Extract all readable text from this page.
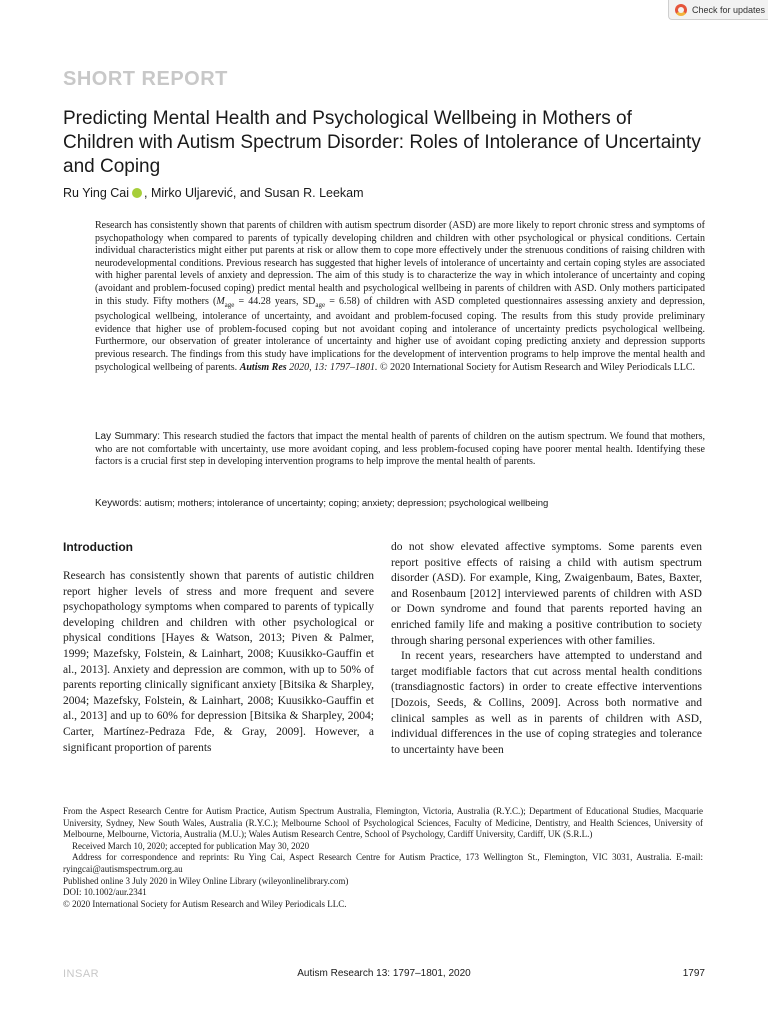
Check for updates
SHORT REPORT
Predicting Mental Health and Psychological Wellbeing in Mothers of Children with Autism Spectrum Disorder: Roles of Intolerance of Uncertainty and Coping
Ru Ying Cai , Mirko Uljarević, and Susan R. Leekam
Research has consistently shown that parents of children with autism spectrum disorder (ASD) are more likely to report chronic stress and symptoms of psychopathology when compared to parents of typically developing children and children with other psychological or physical conditions. Certain individual characteristics might either put parents at risk or allow them to cope more effectively under the strenuous conditions of raising children with neurodevelopmental conditions. Previous research has suggested that higher levels of intolerance of uncertainty and certain coping styles are associated with higher parental levels of anxiety and depression. The aim of this study is to characterize the way in which intolerance of uncertainty and coping (avoidant and problem-focused coping) predict mental health and psychological wellbeing in parents of children with ASD. Only mothers participated in this study. Fifty mothers ($M_{age} = 44.28$ years, $SD_{age} = 6.58$) of children with ASD completed questionnaires assessing anxiety and depression, psychological wellbeing, intolerance of uncertainty, and avoidant and problem-focused coping. The results from this study provide preliminary evidence that higher use of problem-focused coping but not avoidant coping and intolerance of uncertainty predicts psychological wellbeing. Furthermore, our observation of greater intolerance of uncertainty and higher use of avoidant coping predicting anxiety and depression supports previous research. The findings from this study have implications for the development of intervention programs to help improve the mental health and psychological wellbeing of parents. Autism Res 2020, 13: 1797–1801. © 2020 International Society for Autism Research and Wiley Periodicals LLC.
Lay Summary: This research studied the factors that impact the mental health of parents of children on the autism spectrum. We found that mothers, who are not comfortable with uncertainty, use more avoidant coping, and less problem-focused coping have poorer mental health. Identifying these factors is a crucial first step in developing intervention programs to help improve the mental health of parents.
Keywords: autism; mothers; intolerance of uncertainty; coping; anxiety; depression; psychological wellbeing
Introduction

Research has consistently shown that parents of autistic children report higher levels of stress and more frequent and severe psychopathology symptoms when compared to parents of typically developing children and children with other psychological or physical conditions [Hayes & Watson, 2013; Piven & Palmer, 1999; Mazefsky, Folstein, & Lainhart, 2008; Kuusikko-Gauffin et al., 2013]. Anxiety and depression are common, with up to 50% of parents reporting clinically significant anxiety [Bitsika & Sharpley, 2004; Mazefsky, Folstein, & Lainhart, 2008; Kuusikko-Gauffin et al., 2013] and up to 60% for depression [Bitsika & Sharpley, 2004; Carter, Martínez-Pedraza Fde, & Gray, 2009]. However, a significant proportion of parents

do not show elevated affective symptoms. Some parents even report positive effects of raising a child with autism spectrum disorder (ASD). For example, King, Zwaigenbaum, Bates, Baxter, and Rosenbaum [2012] interviewed parents of children with ASD or Down syndrome and found that parents reported having an enriched family life and making a positive contribution to society through sharing personal experiences with other families.

In recent years, researchers have attempted to understand and target modifiable factors that cut across mental health conditions (transdiagnostic factors) in order to create effective interventions [Dozois, Seeds, & Collins, 2009]. Across both normative and clinical samples as well as in parents of children with ASD, individual differences in the use of coping strategies and tolerance to uncertainty have been

From the Aspect Research Centre for Autism Practice, Autism Spectrum Australia, Flemington, Victoria, Australia (R.Y.C.); Department of Educational Studies, Macquarie University, Sydney, New South Wales, Australia (R.Y.C.); Melbourne School of Psychological Sciences, Faculty of Medicine, Dentistry, and Health Sciences, University of Melbourne, Melbourne, Victoria, Australia (M.U.); Wales Autism Research Centre, School of Psychology, Cardiff University, Cardiff, UK (S.R.L.)

Received March 10, 2020; accepted for publication May 30, 2020

Address for correspondence and reprints: Ru Ying Cai, Aspect Research Centre for Autism Practice, 173 Wellington St., Flemington, VIC 3031, Australia. E-mail: ryingcai@autismspectrum.org.au

Published online 3 July 2020 in Wiley Online Library (wileyonlinelibrary.com)

DOI: 10.1002/aur.2341

© 2020 International Society for Autism Research and Wiley Periodicals LLC.

INSAR	Autism Research 13: 1797–1801, 2020	1797
